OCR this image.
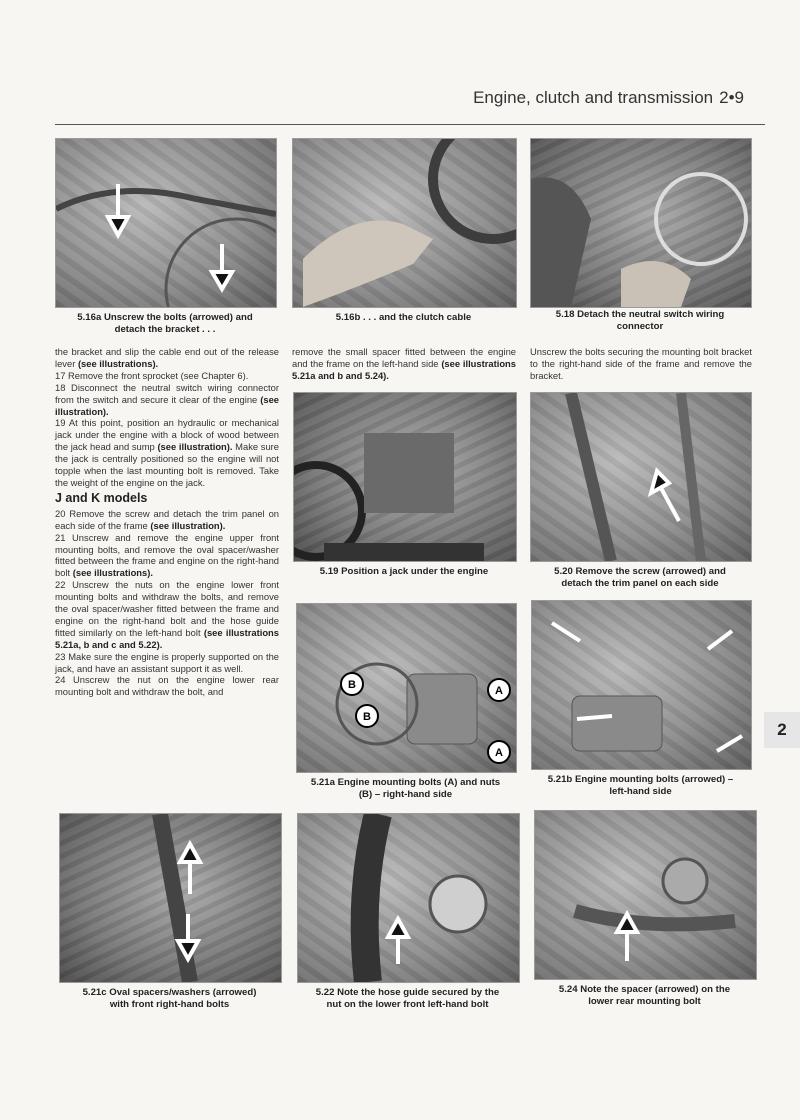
Engine, clutch and transmission 2•9
5.16a Unscrew the bolts (arrowed) and
detach the bracket . . .
5.16b . . . and the clutch cable	5.18 Detach the neutral switch wiring
connector

the bracket and slip the cable end out of the release lever (see illustrations).

17 Remove the front sprocket (see Chapter 6).

18 Disconnect the neutral switch wiring connector from the switch and secure it clear of the engine (see illustration).

19 At this point, position an hydraulic or mechanical jack under the engine with a block of wood between the jack head and sump (see illustration). Make sure the jack is centrally positioned so the engine will not topple when the last mounting bolt is removed. Take the weight of the engine on the jack.

J and K models

20 Remove the screw and detach the trim panel on each side of the frame (see illustration).

21 Unscrew and remove the engine upper front mounting bolts, and remove the oval spacer/washer fitted between the frame and engine on the right-hand bolt (see illustrations).

22 Unscrew the nuts on the engine lower front mounting bolts and withdraw the bolts, and remove the oval spacer/washer fitted between the frame and engine on the right-hand bolt and the hose guide fitted similarly on the left-hand bolt (see illustrations 5.21a, b and c and 5.22).

23 Make sure the engine is properly supported on the jack, and have an assistant support it as well.

24 Unscrew the nut on the engine lower rear mounting bolt and withdraw the bolt, and

remove the small spacer fitted between the engine and the frame on the left-hand side (see illustrations 5.21a and b and 5.24).

Unscrew the bolts securing the mounting bolt bracket to the right-hand side of the frame and remove the bracket.

5.19 Position a jack under the engine	5.20 Remove the screw (arrowed) and
detach the trim panel on each side
B
B
A
A
5.21a Engine mounting bolts (A) and nuts
(B) – right-hand side
5.21b Engine mounting bolts (arrowed) –
left-hand side
2
5.21c Oval spacers/washers (arrowed)
with front right-hand bolts
5.22 Note the hose guide secured by the
nut on the lower front left-hand bolt
5.24 Note the spacer (arrowed) on the
lower rear mounting bolt
